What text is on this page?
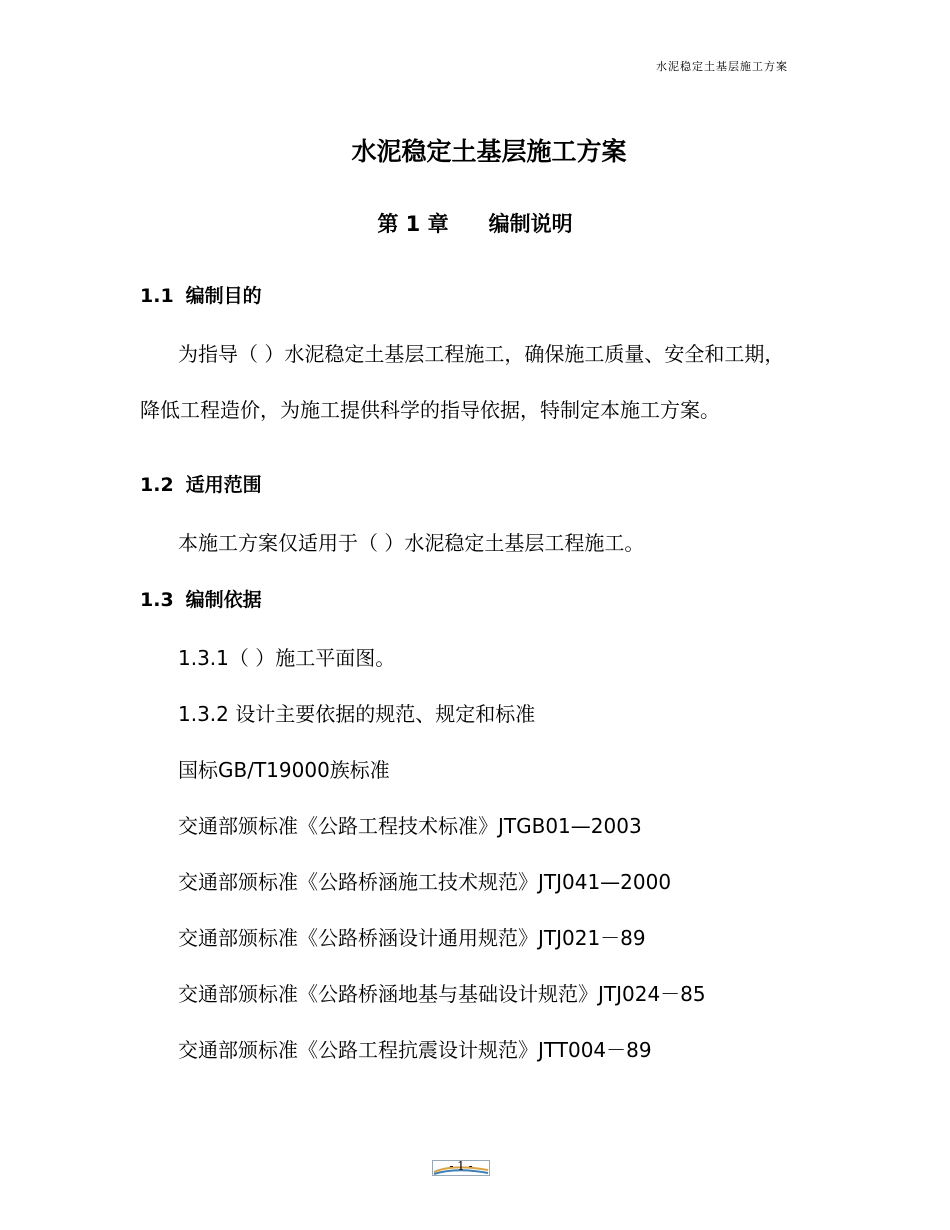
水泥稳定土基层施工方案
水泥稳定土基层施工方案
第 1 章 编制说明
1.1 编制目的
为指导（ ）水泥稳定土基层工程施工，确保施工质量、安全和工期，
降低工程造价，为施工提供科学的指导依据，特制定本施工方案。
1.2 适用范围
本施工方案仅适用于（ ）水泥稳定土基层工程施工。
1.3 编制依据
1.3.1（ ）施工平面图。
1.3.2 设计主要依据的规范、规定和标准
国标GB/T19000族标准
交通部颁标准《公路工程技术标准》JTGB01—2003
交通部颁标准《公路桥涵施工技术规范》JTJ041—2000
交通部颁标准《公路桥涵设计通用规范》JTJ021－89
交通部颁标准《公路桥涵地基与基础设计规范》JTJ024－85
交通部颁标准《公路工程抗震设计规范》JTT004－89
- 1 -
